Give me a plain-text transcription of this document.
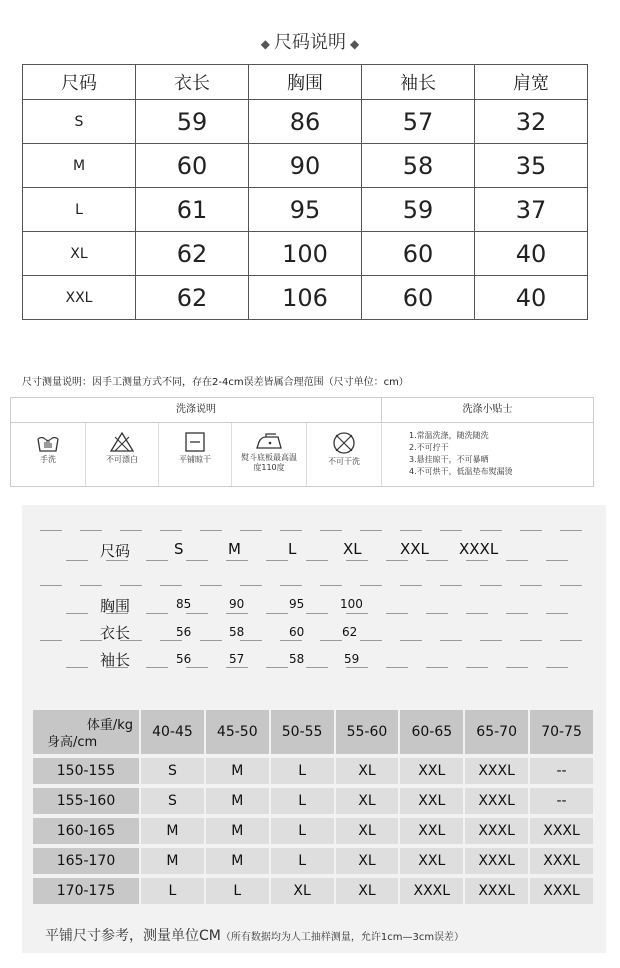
◆ 尺码说明 ◆
尺码	衣长	胸围	袖长	肩宽
S	59	86	57	32
M	60	90	58	35
L	61	95	59	37
XL	62	100	60	40
XXL	62	106	60	40
尺寸测量说明：因手工测量方式不同，存在2-4cm误差皆属合理范围（尺寸单位：cm）
洗涤说明	洗涤小贴士
手洗	不可漂白	平铺晾干	熨斗底板最高温度110度
不可干洗
1.常温洗涤，随洗随洗
2.不可拧干
3.悬挂晾干，不可暴晒
4.不可烘干，低温垫布熨漏烫
尺码	S	M	L	XL	XXL XXXL
胸围	85	90	95	100
衣长	56	58	60	62
袖长	56	57	58	59
体重/kg
身高/cm	40-45	45-50	50-55	55-60	60-65	65-70	70-75
150-155	S	M	L	XL	XXL	XXXL	--
155-160	S	M	L	XL	XXL	XXXL	--
160-165	M	M	L	XL	XXL	XXXL	XXXL
165-170	M	M	L	XL	XXL	XXXL	XXXL
170-175	L	L	XL	XL	XXXL	XXXL	XXXL
平铺尺寸参考，测量单位CM（所有数据均为人工抽样测量，允许1cm—3cm误差）
